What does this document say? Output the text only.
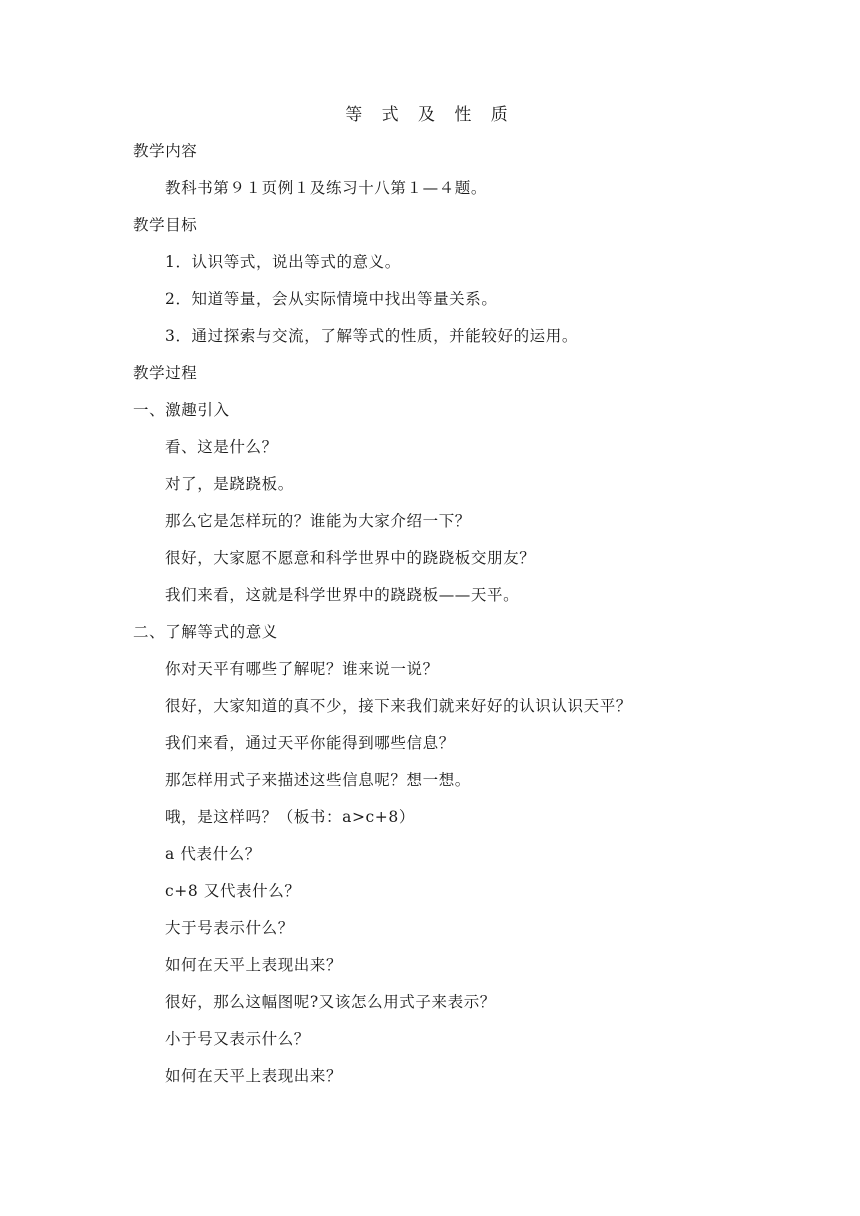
等 式 及 性 质
教学内容
教科书第９１页例１及练习十八第１—４题。
教学目标
1．认识等式，说出等式的意义。
2．知道等量，会从实际情境中找出等量关系。
3．通过探索与交流，了解等式的性质，并能较好的运用。
教学过程
一、激趣引入
看、这是什么？
对了，是跷跷板。
那么它是怎样玩的？谁能为大家介绍一下？
很好，大家愿不愿意和科学世界中的跷跷板交朋友？
我们来看，这就是科学世界中的跷跷板——天平。
二、了解等式的意义
你对天平有哪些了解呢？谁来说一说？
很好，大家知道的真不少，接下来我们就来好好的认识认识天平？
我们来看，通过天平你能得到哪些信息？
那怎样用式子来描述这些信息呢？想一想。
哦，是这样吗？（板书：a>c+8）
a 代表什么？
c+8 又代表什么？
大于号表示什么？
如何在天平上表现出来？
很好，那么这幅图呢?又该怎么用式子来表示？
小于号又表示什么？
如何在天平上表现出来？
